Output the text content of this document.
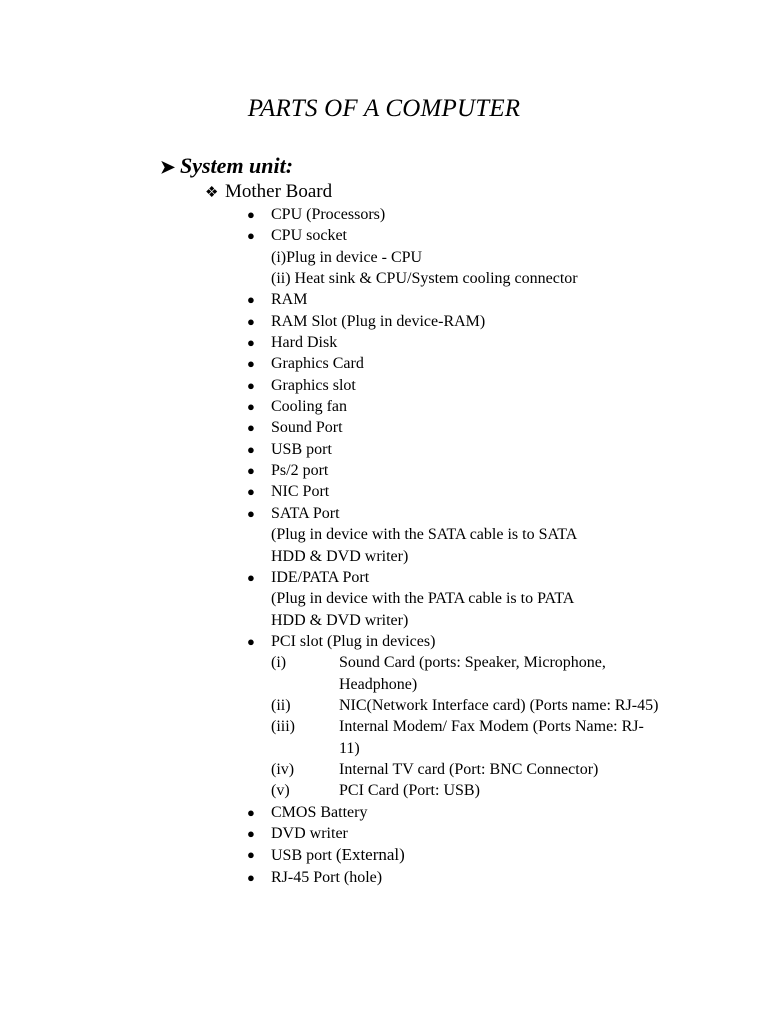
PARTS OF A COMPUTER
➤ System unit:
❖ Mother Board
●	CPU (Processors)
●	CPU socket
(i)Plug in device - CPU
(ii) Heat sink & CPU/System cooling connector
●	RAM
●	RAM Slot (Plug in device-RAM)
●	Hard Disk
●	Graphics Card
●	Graphics slot
●	Cooling fan
●	Sound Port
●	USB port
●	Ps/2 port
●	NIC Port
●	SATA Port
(Plug in device with the SATA cable is to SATA
HDD & DVD writer)
●	IDE/PATA Port
(Plug in device with the PATA cable is to PATA
HDD & DVD writer)
●	PCI slot (Plug in devices)
(i)	Sound Card (ports: Speaker, Microphone, Headphone)
(ii)	NIC(Network Interface card) (Ports name: RJ-45)
(iii)	Internal Modem/ Fax Modem (Ports Name: RJ-11)
(iv)	Internal TV card (Port: BNC Connector)
(v)	PCI Card (Port: USB)
●	CMOS Battery
●	DVD writer
●	USB port (External)
●	RJ-45 Port (hole)
